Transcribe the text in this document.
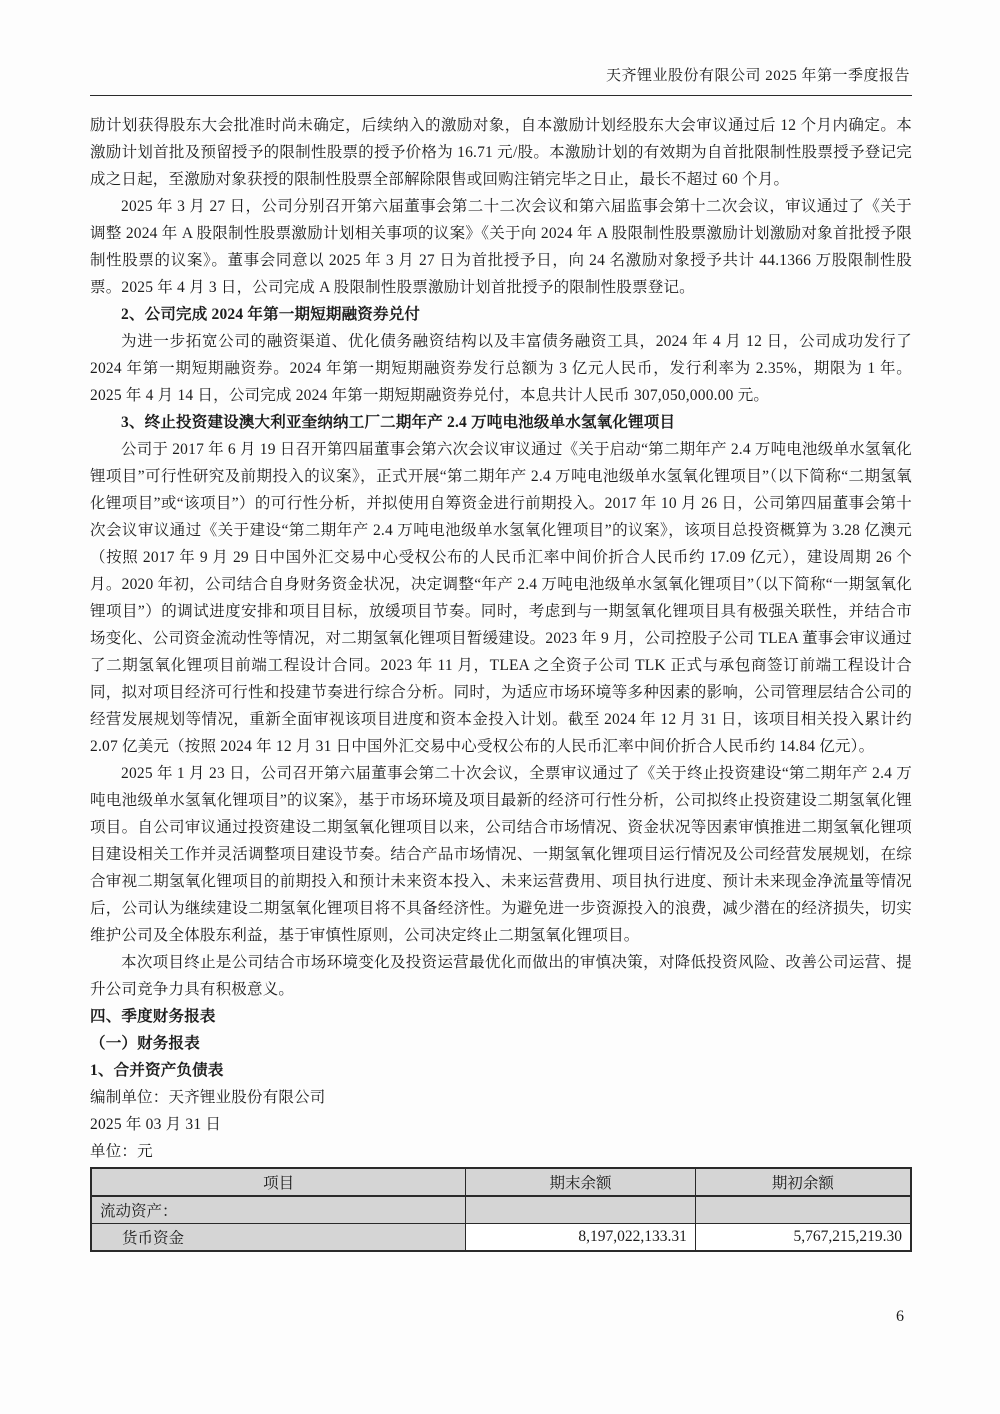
天齐锂业股份有限公司 2025 年第一季度报告

励计划获得股东大会批准时尚未确定，后续纳入的激励对象，自本激励计划经股东大会审议通过后 12 个月内确定。本激励计划首批及预留授予的限制性股票的授予价格为 16.71 元/股。本激励计划的有效期为自首批限制性股票授予登记完成之日起，至激励对象获授的限制性股票全部解除限售或回购注销完毕之日止，最长不超过 60 个月。

2025 年 3 月 27 日，公司分别召开第六届董事会第二十二次会议和第六届监事会第十二次会议，审议通过了《关于调整 2024 年 A 股限制性股票激励计划相关事项的议案》《关于向 2024 年 A 股限制性股票激励计划激励对象首批授予限制性股票的议案》。董事会同意以 2025 年 3 月 27 日为首批授予日，向 24 名激励对象授予共计 44.1366 万股限制性股票。2025 年 4 月 3 日，公司完成 A 股限制性股票激励计划首批授予的限制性股票登记。

2、公司完成 2024 年第一期短期融资券兑付

为进一步拓宽公司的融资渠道、优化债务融资结构以及丰富债务融资工具，2024 年 4 月 12 日，公司成功发行了 2024 年第一期短期融资券。2024 年第一期短期融资券发行总额为 3 亿元人民币，发行利率为 2.35%，期限为 1 年。2025 年 4 月 14 日，公司完成 2024 年第一期短期融资券兑付，本息共计人民币 307,050,000.00 元。

3、终止投资建设澳大利亚奎纳纳工厂二期年产 2.4 万吨电池级单水氢氧化锂项目

公司于 2017 年 6 月 19 日召开第四届董事会第六次会议审议通过《关于启动“第二期年产 2.4 万吨电池级单水氢氧化锂项目”可行性研究及前期投入的议案》，正式开展“第二期年产 2.4 万吨电池级单水氢氧化锂项目”（以下简称“二期氢氧化锂项目”或“该项目”）的可行性分析，并拟使用自筹资金进行前期投入。2017 年 10 月 26 日，公司第四届董事会第十次会议审议通过《关于建设“第二期年产 2.4 万吨电池级单水氢氧化锂项目”的议案》，该项目总投资概算为 3.28 亿澳元（按照 2017 年 9 月 29 日中国外汇交易中心受权公布的人民币汇率中间价折合人民币约 17.09 亿元），建设周期 26 个月。2020 年初，公司结合自身财务资金状况，决定调整“年产 2.4 万吨电池级单水氢氧化锂项目”（以下简称“一期氢氧化锂项目”）的调试进度安排和项目目标，放缓项目节奏。同时，考虑到与一期氢氧化锂项目具有极强关联性，并结合市场变化、公司资金流动性等情况，对二期氢氧化锂项目暂缓建设。2023 年 9 月，公司控股子公司 TLEA 董事会审议通过了二期氢氧化锂项目前端工程设计合同。2023 年 11 月，TLEA 之全资子公司 TLK 正式与承包商签订前端工程设计合同，拟对项目经济可行性和投建节奏进行综合分析。同时，为适应市场环境等多种因素的影响，公司管理层结合公司的经营发展规划等情况，重新全面审视该项目进度和资本金投入计划。截至 2024 年 12 月 31 日，该项目相关投入累计约 2.07 亿美元（按照 2024 年 12 月 31 日中国外汇交易中心受权公布的人民币汇率中间价折合人民币约 14.84 亿元）。

2025 年 1 月 23 日，公司召开第六届董事会第二十次会议，全票审议通过了《关于终止投资建设“第二期年产 2.4 万吨电池级单水氢氧化锂项目”的议案》，基于市场环境及项目最新的经济可行性分析，公司拟终止投资建设二期氢氧化锂项目。自公司审议通过投资建设二期氢氧化锂项目以来，公司结合市场情况、资金状况等因素审慎推进二期氢氧化锂项目建设相关工作并灵活调整项目建设节奏。结合产品市场情况、一期氢氧化锂项目运行情况及公司经营发展规划，在综合审视二期氢氧化锂项目的前期投入和预计未来资本投入、未来运营费用、项目执行进度、预计未来现金净流量等情况后，公司认为继续建设二期氢氧化锂项目将不具备经济性。为避免进一步资源投入的浪费，减少潜在的经济损失，切实维护公司及全体股东利益，基于审慎性原则，公司决定终止二期氢氧化锂项目。

本次项目终止是公司结合市场环境变化及投资运营最优化而做出的审慎决策，对降低投资风险、改善公司运营、提升公司竞争力具有积极意义。

四、季度财务报表

（一）财务报表

1、合并资产负债表

编制单位：天齐锂业股份有限公司

2025 年 03 月 31 日

单位：元

项目	期末余额	期初余额
流动资产：		
货币资金	8,197,022,133.31	5,767,215,219.30
6
